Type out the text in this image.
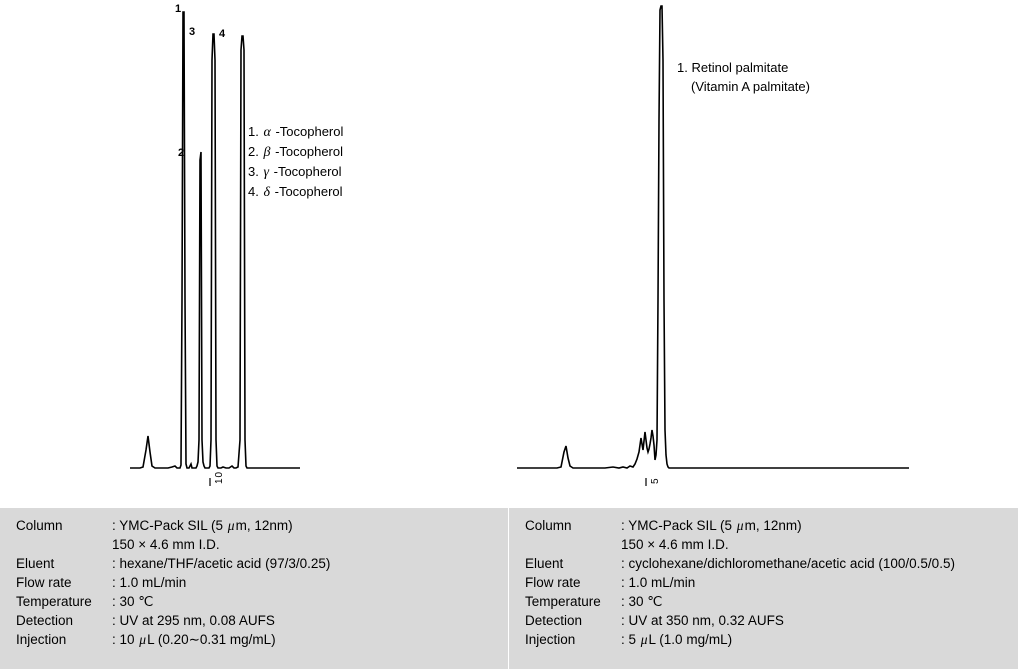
1
2
3 4
1. α -Tocopherol
2. β -Tocopherol
3. γ -Tocopherol
4. δ -Tocopherol
10
1. Retinol palmitate
(Vitamin A palmitate)
5
Column	: YMC-Pack SIL (5 μm, 12nm)
	150 × 4.6 mm I.D.
Eluent	: hexane/THF/acetic acid (97/3/0.25)
Flow rate	: 1.0 mL/min
Temperature	: 30 ℃
Detection	: UV at 295 nm, 0.08 AUFS
Injection	: 10 μL (0.20∼0.31 mg/mL)
Column	: YMC-Pack SIL (5 μm, 12nm)
	150 × 4.6 mm I.D.
Eluent	: cyclohexane/dichloromethane/acetic acid (100/0.5/0.5)
Flow rate	: 1.0 mL/min
Temperature	: 30 ℃
Detection	: UV at 350 nm, 0.32 AUFS
Injection	: 5 μL (1.0 mg/mL)
